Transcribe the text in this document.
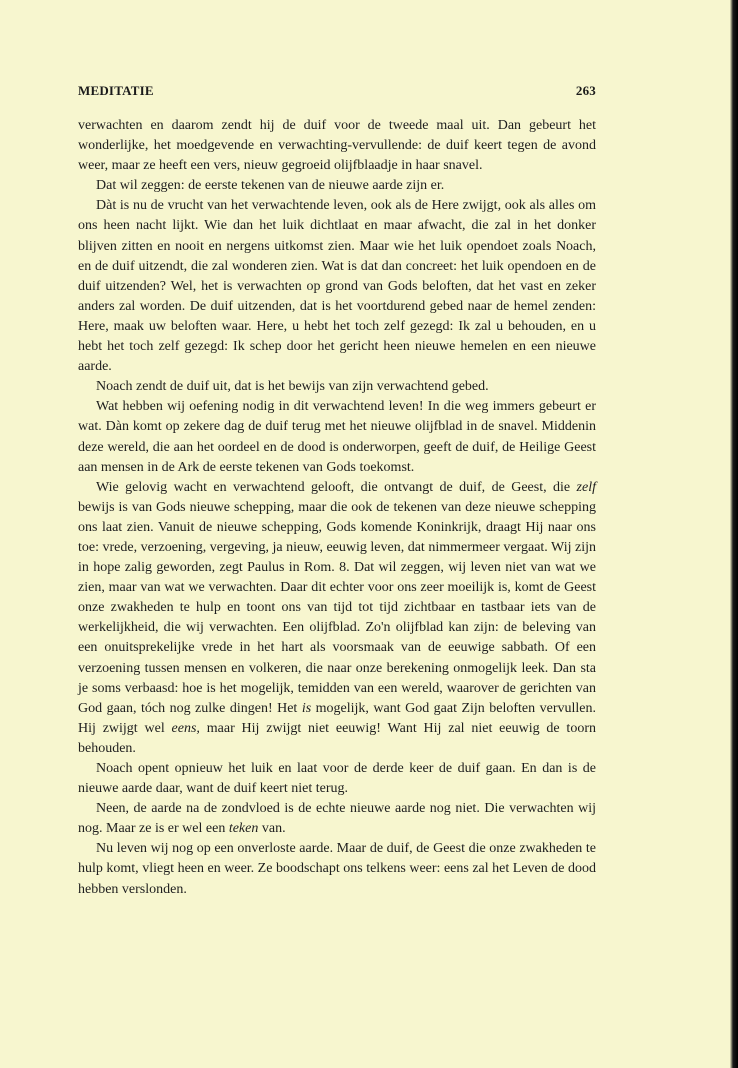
MEDITATIE	263

verwachten en daarom zendt hij de duif voor de tweede maal uit. Dan gebeurt het wonderlijke, het moedgevende en verwachting-vervullende: de duif keert tegen de avond weer, maar ze heeft een vers, nieuw gegroeid olijfblaadje in haar snavel.

Dat wil zeggen: de eerste tekenen van de nieuwe aarde zijn er.

Dàt is nu de vrucht van het verwachtende leven, ook als de Here zwijgt, ook als alles om ons heen nacht lijkt. Wie dan het luik dichtlaat en maar afwacht, die zal in het donker blijven zitten en nooit en nergens uitkomst zien. Maar wie het luik opendoet zoals Noach, en de duif uitzendt, die zal wonderen zien. Wat is dat dan concreet: het luik opendoen en de duif uitzenden? Wel, het is verwachten op grond van Gods beloften, dat het vast en zeker anders zal worden. De duif uitzenden, dat is het voortdurend gebed naar de hemel zenden: Here, maak uw beloften waar. Here, u hebt het toch zelf gezegd: Ik zal u behouden, en u hebt het toch zelf gezegd: Ik schep door het gericht heen nieuwe hemelen en een nieuwe aarde.

Noach zendt de duif uit, dat is het bewijs van zijn verwachtend gebed.

Wat hebben wij oefening nodig in dit verwachtend leven! In die weg immers gebeurt er wat. Dàn komt op zekere dag de duif terug met het nieuwe olijfblad in de snavel. Middenin deze wereld, die aan het oordeel en de dood is onderworpen, geeft de duif, de Heilige Geest aan mensen in de Ark de eerste tekenen van Gods toekomst.

Wie gelovig wacht en verwachtend gelooft, die ontvangt de duif, de Geest, die zelf bewijs is van Gods nieuwe schepping, maar die ook de tekenen van deze nieuwe schepping ons laat zien. Vanuit de nieuwe schepping, Gods komende Koninkrijk, draagt Hij naar ons toe: vrede, verzoening, vergeving, ja nieuw, eeuwig leven, dat nimmermeer vergaat. Wij zijn in hope zalig geworden, zegt Paulus in Rom. 8. Dat wil zeggen, wij leven niet van wat we zien, maar van wat we verwachten. Daar dit echter voor ons zeer moeilijk is, komt de Geest onze zwakheden te hulp en toont ons van tijd tot tijd zichtbaar en tastbaar iets van de werkelijkheid, die wij verwachten. Een olijfblad. Zo'n olijfblad kan zijn: de beleving van een onuitsprekelijke vrede in het hart als voorsmaak van de eeuwige sabbath. Of een verzoening tussen mensen en volkeren, die naar onze berekening onmogelijk leek. Dan sta je soms verbaasd: hoe is het mogelijk, temidden van een wereld, waarover de gerichten van God gaan, tóch nog zulke dingen! Het is mogelijk, want God gaat Zijn beloften vervullen. Hij zwijgt wel eens, maar Hij zwijgt niet eeuwig! Want Hij zal niet eeuwig de toorn behouden.

Noach opent opnieuw het luik en laat voor de derde keer de duif gaan. En dan is de nieuwe aarde daar, want de duif keert niet terug.

Neen, de aarde na de zondvloed is de echte nieuwe aarde nog niet. Die verwachten wij nog. Maar ze is er wel een teken van.

Nu leven wij nog op een onverloste aarde. Maar de duif, de Geest die onze zwakheden te hulp komt, vliegt heen en weer. Ze boodschapt ons telkens weer: eens zal het Leven de dood hebben verslonden.
